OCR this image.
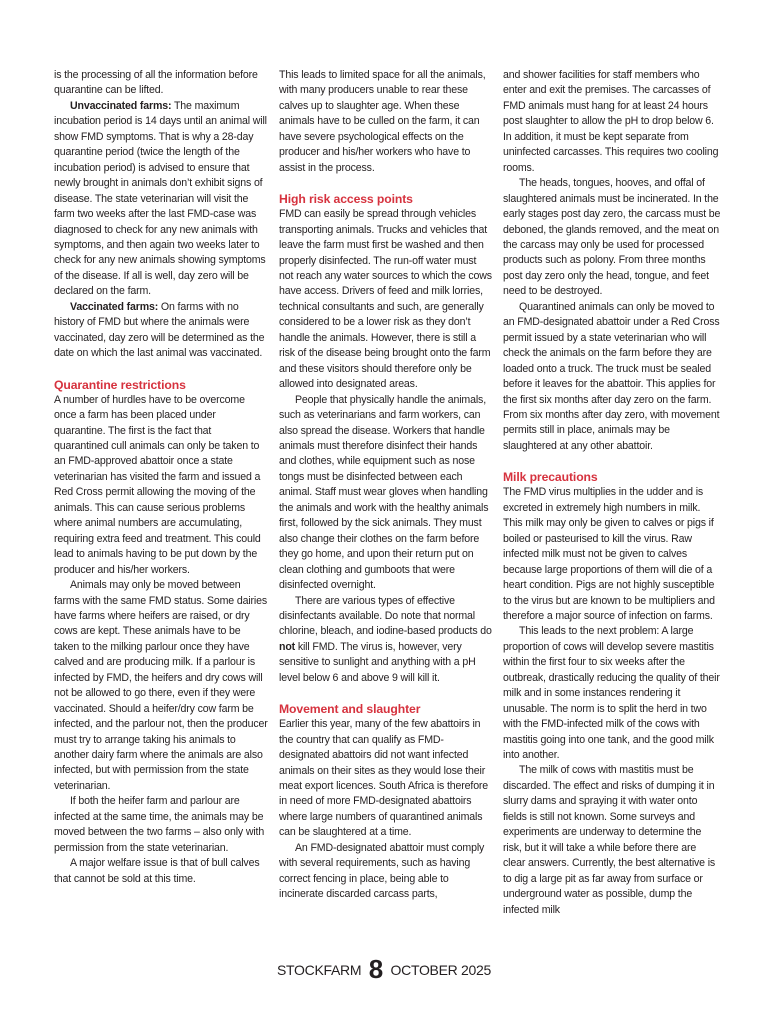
is the processing of all the information before quarantine can be lifted.

Unvaccinated farms: The maximum incubation period is 14 days until an animal will show FMD symptoms. That is why a 28-day quarantine period (twice the length of the incubation period) is advised to ensure that newly brought in animals don’t exhibit signs of disease. The state veterinarian will visit the farm two weeks after the last FMD-case was diagnosed to check for any new animals with symptoms, and then again two weeks later to check for any new animals showing symptoms of the disease. If all is well, day zero will be declared on the farm.

Vaccinated farms: On farms with no history of FMD but where the animals were vaccinated, day zero will be determined as the date on which the last animal was vaccinated.

Quarantine restrictions

A number of hurdles have to be overcome once a farm has been placed under quarantine. The first is the fact that quarantined cull animals can only be taken to an FMD-approved abattoir once a state veterinarian has visited the farm and issued a Red Cross permit allowing the moving of the animals. This can cause serious problems where animal numbers are accumulating, requiring extra feed and treatment. This could lead to animals having to be put down by the producer and his/her workers.

Animals may only be moved between farms with the same FMD status. Some dairies have farms where heifers are raised, or dry cows are kept. These animals have to be taken to the milking parlour once they have calved and are producing milk. If a parlour is infected by FMD, the heifers and dry cows will not be allowed to go there, even if they were vaccinated. Should a heifer/dry cow farm be infected, and the parlour not, then the producer must try to arrange taking his animals to another dairy farm where the animals are also infected, but with permission from the state veterinarian.

If both the heifer farm and parlour are infected at the same time, the animals may be moved between the two farms – also only with permission from the state veterinarian.

A major welfare issue is that of bull calves that cannot be sold at this time.

This leads to limited space for all the animals, with many producers unable to rear these calves up to slaughter age. When these animals have to be culled on the farm, it can have severe psychological effects on the producer and his/her workers who have to assist in the process.

High risk access points

FMD can easily be spread through vehicles transporting animals. Trucks and vehicles that leave the farm must first be washed and then properly disinfected. The run-off water must not reach any water sources to which the cows have access. Drivers of feed and milk lorries, technical consultants and such, are generally considered to be a lower risk as they don’t handle the animals. However, there is still a risk of the disease being brought onto the farm and these visitors should therefore only be allowed into designated areas.

People that physically handle the animals, such as veterinarians and farm workers, can also spread the disease. Workers that handle animals must therefore disinfect their hands and clothes, while equipment such as nose tongs must be disinfected between each animal. Staff must wear gloves when handling the animals and work with the healthy animals first, followed by the sick animals. They must also change their clothes on the farm before they go home, and upon their return put on clean clothing and gumboots that were disinfected overnight.

There are various types of effective disinfectants available. Do note that normal chlorine, bleach, and iodine-based products do not kill FMD. The virus is, however, very sensitive to sunlight and anything with a pH level below 6 and above 9 will kill it.

Movement and slaughter

Earlier this year, many of the few abattoirs in the country that can qualify as FMD-designated abattoirs did not want infected animals on their sites as they would lose their meat export licences. South Africa is therefore in need of more FMD-designated abattoirs where large numbers of quarantined animals can be slaughtered at a time.

An FMD-designated abattoir must comply with several requirements, such as having correct fencing in place, being able to incinerate discarded carcass parts,

and shower facilities for staff members who enter and exit the premises. The carcasses of FMD animals must hang for at least 24 hours post slaughter to allow the pH to drop below 6. In addition, it must be kept separate from uninfected carcasses. This requires two cooling rooms.

The heads, tongues, hooves, and offal of slaughtered animals must be incinerated. In the early stages post day zero, the carcass must be deboned, the glands removed, and the meat on the carcass may only be used for processed products such as polony. From three months post day zero only the head, tongue, and feet need to be destroyed.

Quarantined animals can only be moved to an FMD-designated abattoir under a Red Cross permit issued by a state veterinarian who will check the animals on the farm before they are loaded onto a truck. The truck must be sealed before it leaves for the abattoir. This applies for the first six months after day zero on the farm. From six months after day zero, with movement permits still in place, animals may be slaughtered at any other abattoir.

Milk precautions

The FMD virus multiplies in the udder and is excreted in extremely high numbers in milk. This milk may only be given to calves or pigs if boiled or pasteurised to kill the virus. Raw infected milk must not be given to calves because large proportions of them will die of a heart condition. Pigs are not highly susceptible to the virus but are known to be multipliers and therefore a major source of infection on farms.

This leads to the next problem: A large proportion of cows will develop severe mastitis within the first four to six weeks after the outbreak, drastically reducing the quality of their milk and in some instances rendering it unusable. The norm is to split the herd in two with the FMD-infected milk of the cows with mastitis going into one tank, and the good milk into another.

The milk of cows with mastitis must be discarded. The effect and risks of dumping it in slurry dams and spraying it with water onto fields is still not known. Some surveys and experiments are underway to determine the risk, but it will take a while before there are clear answers. Currently, the best alternative is to dig a large pit as far away from surface or underground water as possible, dump the infected milk

STOCKFARM 8 OCTOBER 2025
